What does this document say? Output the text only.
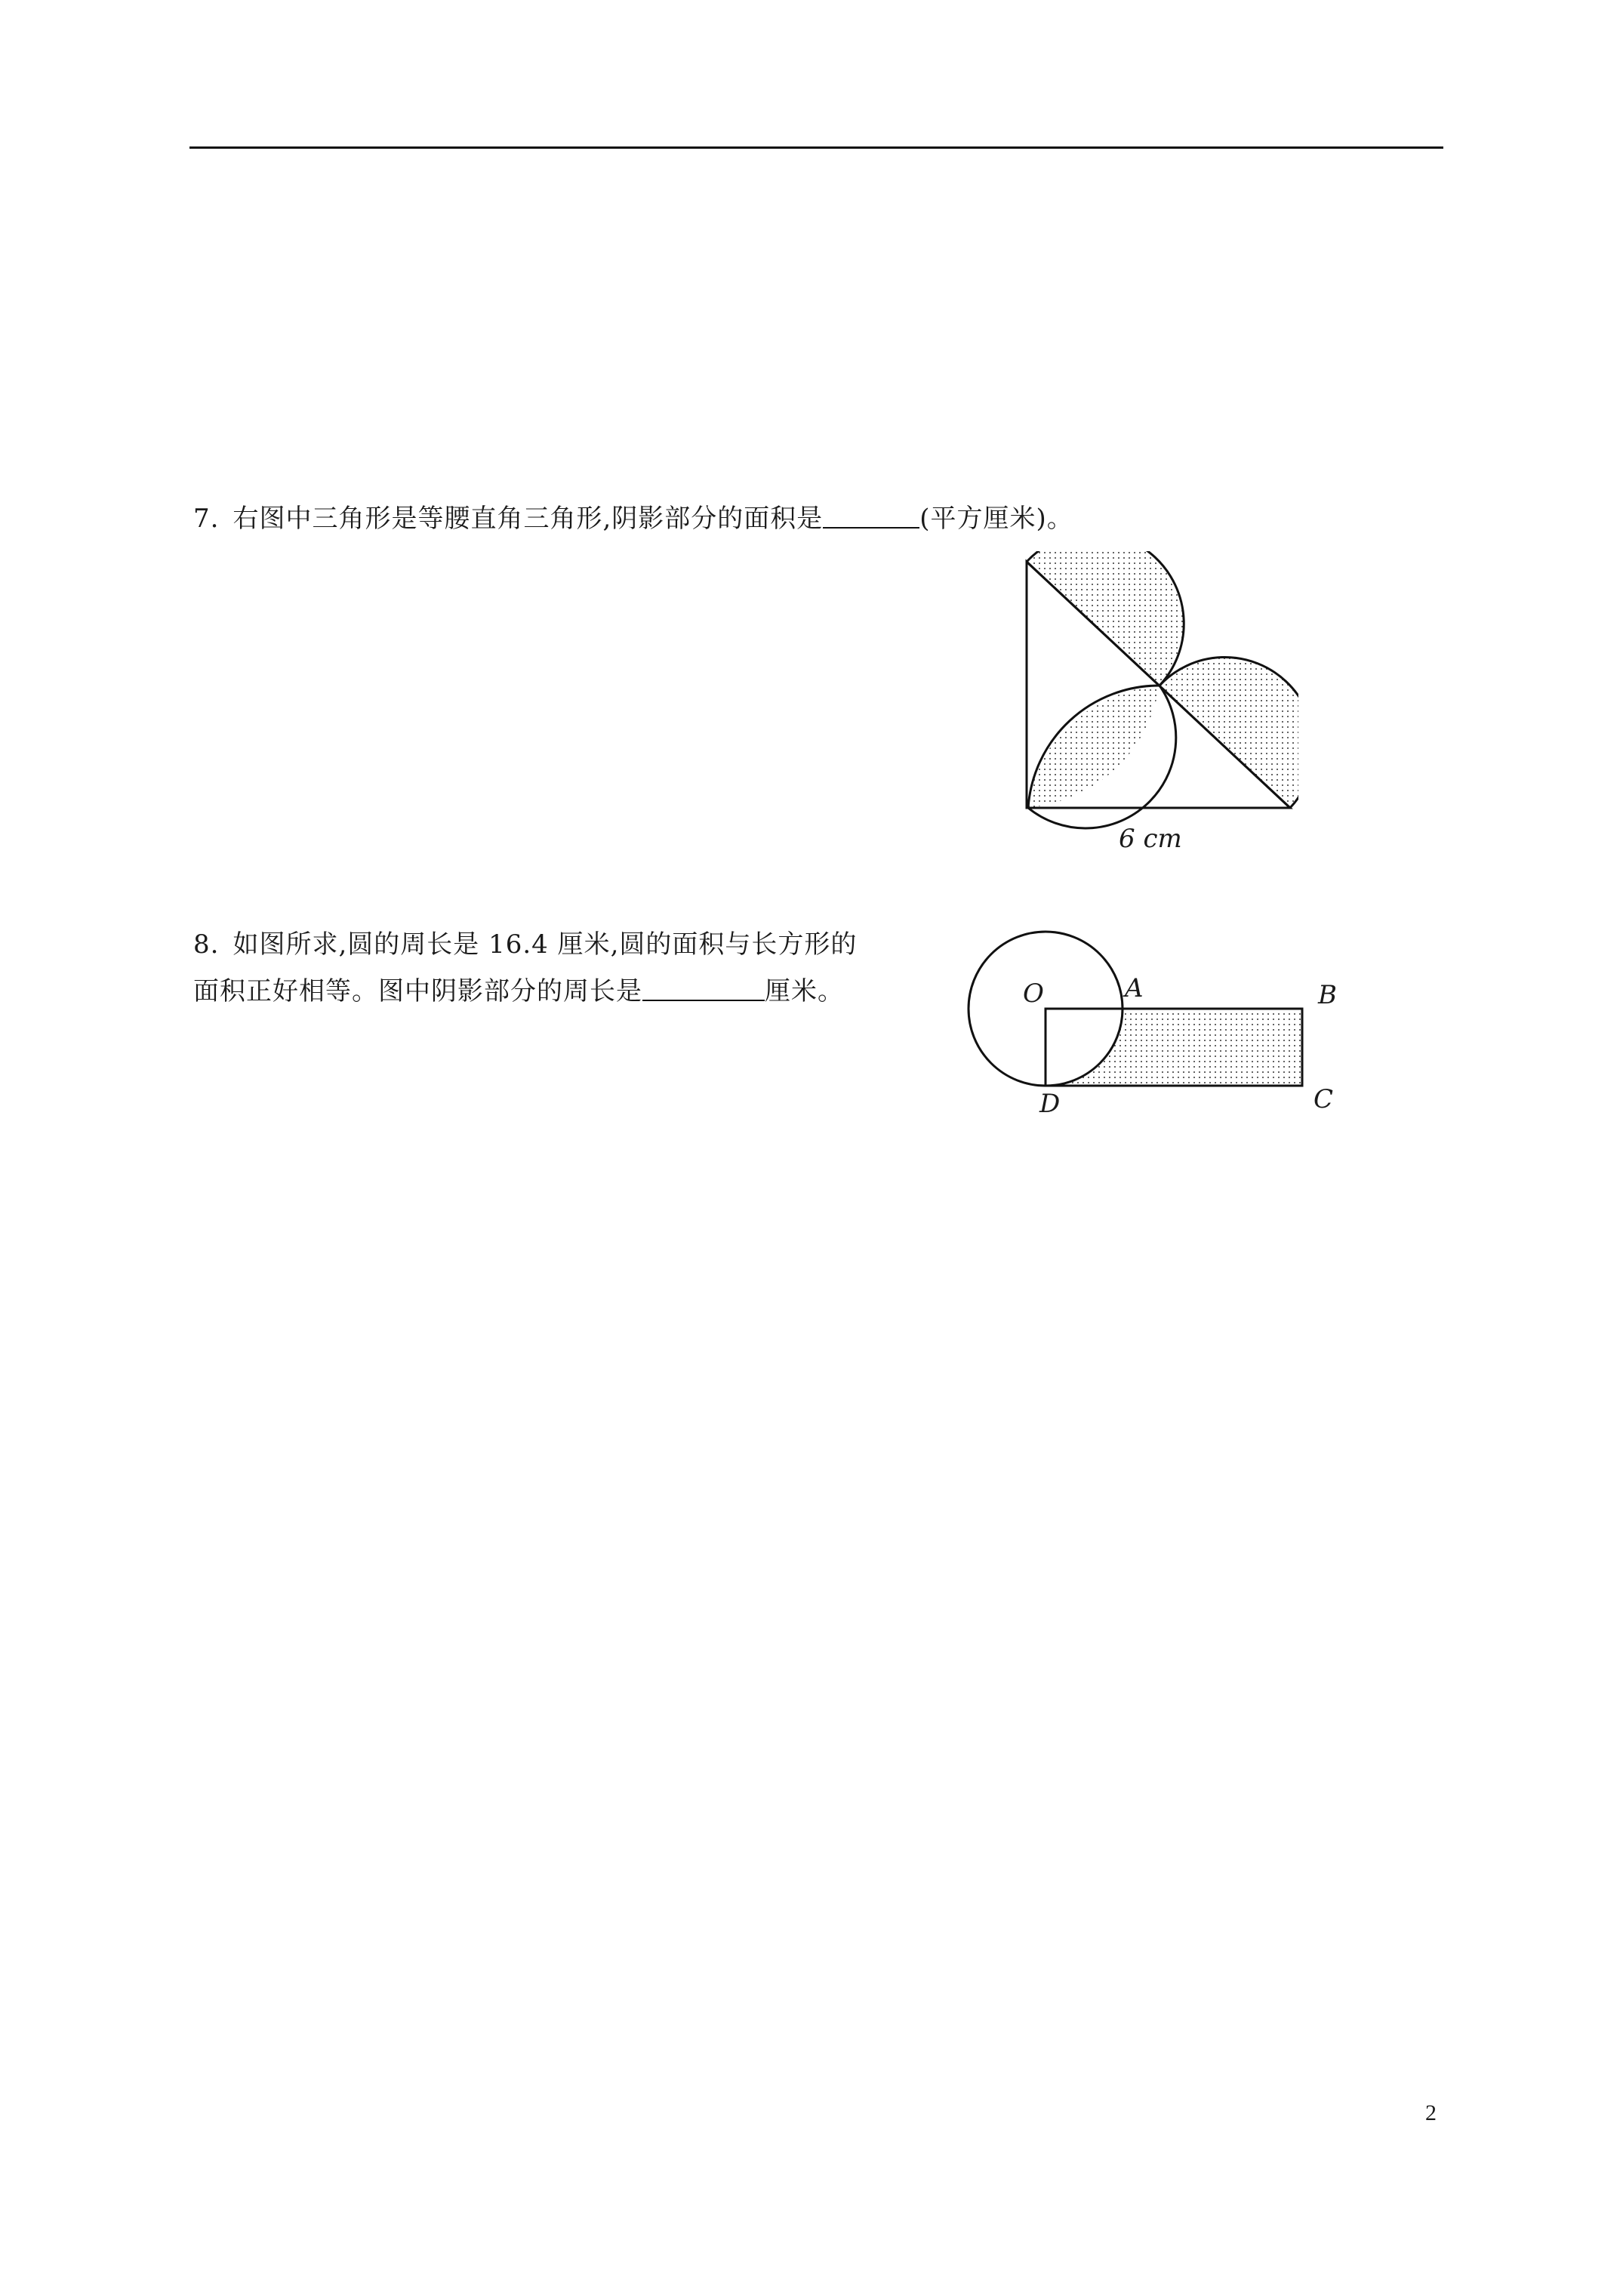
7. 右图中三角形是等腰直角三角形,阴影部分的面积是	(平方厘米)。
6 cm
8. 如图所求,圆的周长是 16.4 厘米,圆的面积与长方形的
面积正好相等。图中阴影部分的周长是	厘米。	O	A	B
C
D
2
